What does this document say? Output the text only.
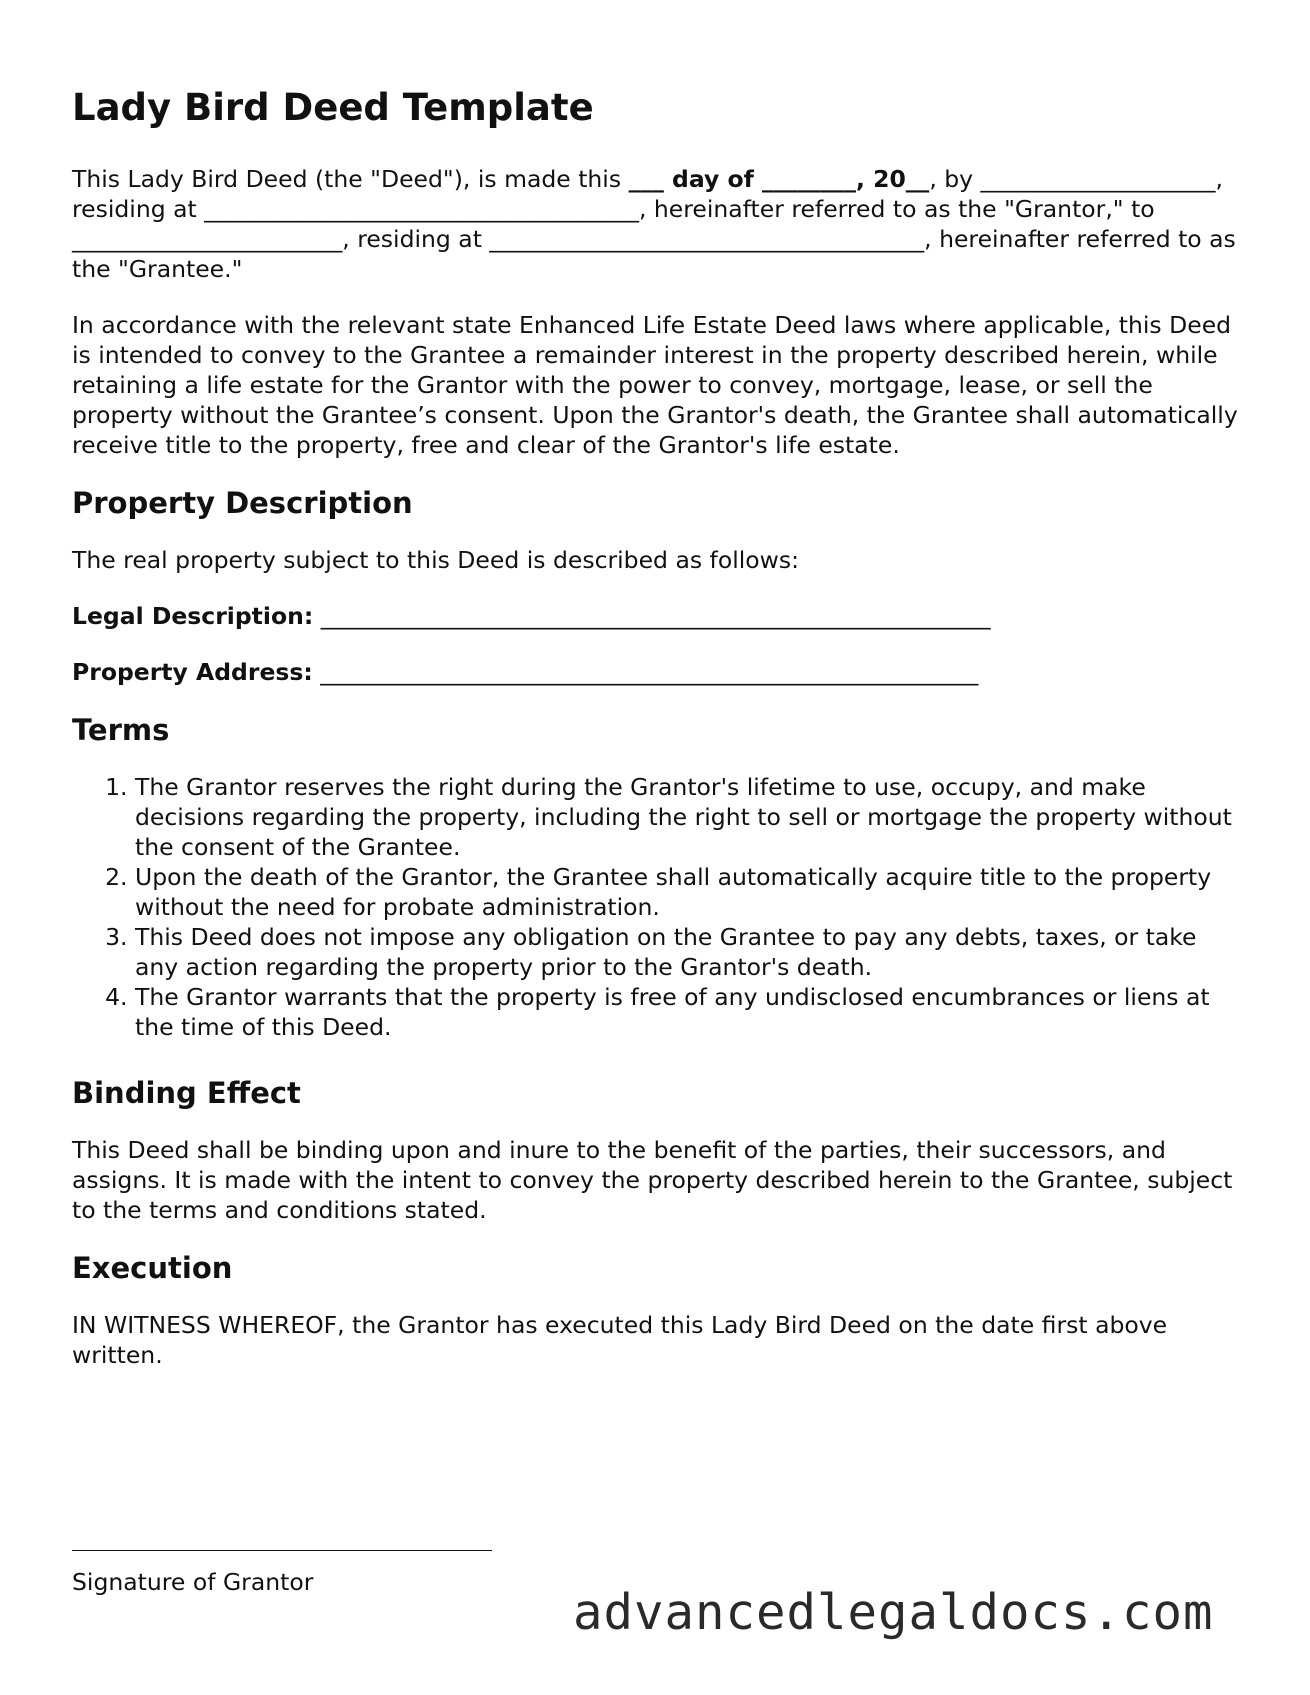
Lady Bird Deed Template

This Lady Bird Deed (the "Deed"), is made this ___ day of ________, 20__, by ____________________, residing at _____________________________________, hereinafter referred to as the "Grantor," to _______________________, residing at _____________________________________, hereinafter referred to as the "Grantee."

In accordance with the relevant state Enhanced Life Estate Deed laws where applicable, this Deed is intended to convey to the Grantee a remainder interest in the property described herein, while retaining a life estate for the Grantor with the power to convey, mortgage, lease, or sell the property without the Grantee’s consent. Upon the Grantor's death, the Grantee shall automatically receive title to the property, free and clear of the Grantor's life estate.

Property Description

The real property subject to this Deed is described as follows:

Legal Description: _________________________________________________________
Property Address: ________________________________________________________
Terms
1. The Grantor reserves the right during the Grantor's lifetime to use, occupy, and make decisions regarding the property, including the right to sell or mortgage the property without the consent of the Grantee.
2. Upon the death of the Grantor, the Grantee shall automatically acquire title to the property without the need for probate administration.
3. This Deed does not impose any obligation on the Grantee to pay any debts, taxes, or take any action regarding the property prior to the Grantor's death.
4. The Grantor warrants that the property is free of any undisclosed encumbrances or liens at the time of this Deed.
Binding Effect

This Deed shall be binding upon and inure to the benefit of the parties, their successors, and assigns. It is made with the intent to convey the property described herein to the Grantee, subject to the terms and conditions stated.

Execution

IN WITNESS WHEREOF, the Grantor has executed this Lady Bird Deed on the date first above written.

Signature of Grantor
advancedlegaldocs.com
